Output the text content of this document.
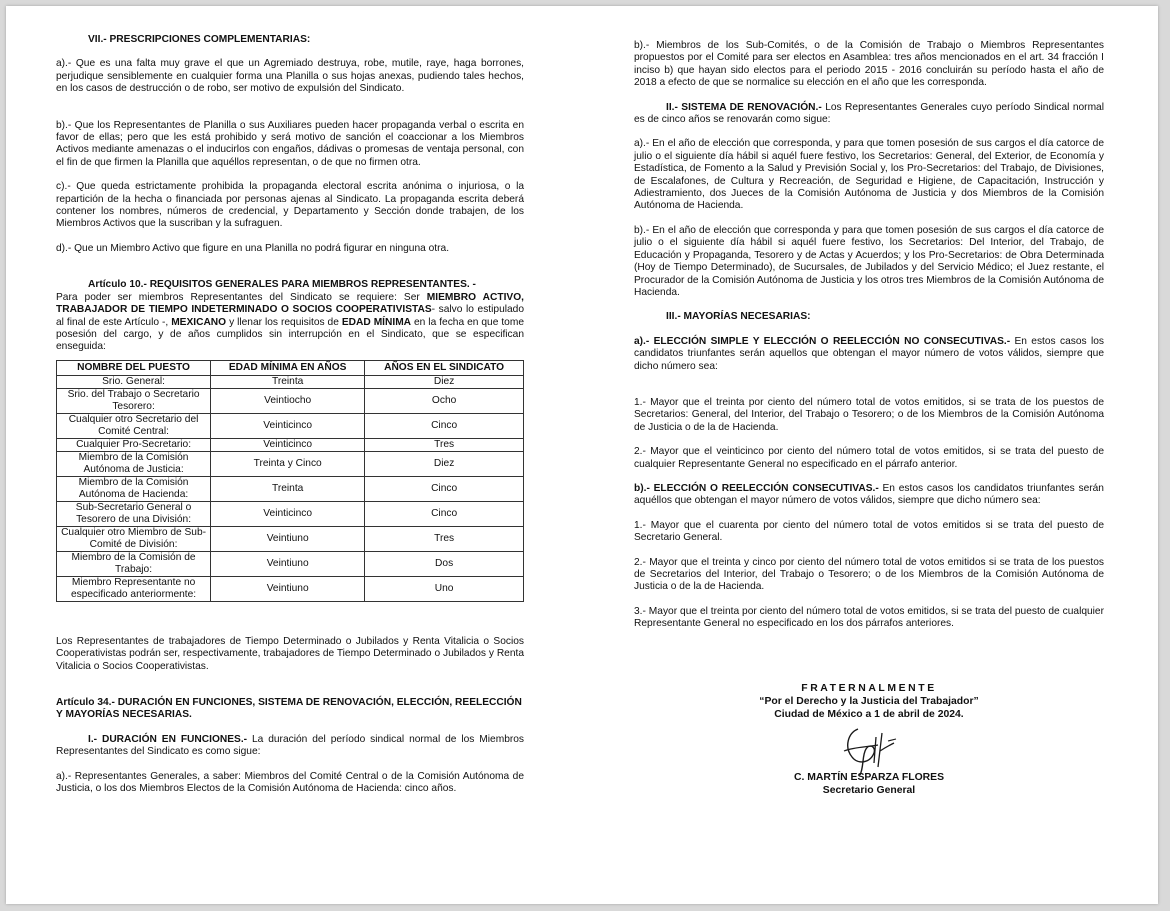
VII.- PRESCRIPCIONES COMPLEMENTARIAS:

a).- Que es una falta muy grave el que un Agremiado destruya, robe, mutile, raye, haga borrones, perjudique sensiblemente en cualquier forma una Planilla o sus hojas anexas, pudiendo tales hechos, en los casos de destrucción o de robo, ser motivo de expulsión del Sindicato.

b).- Que los Representantes de Planilla o sus Auxiliares pueden hacer propaganda verbal o escrita en favor de ellas; pero que les está prohibido y será motivo de sanción el coaccionar a los Miembros Activos mediante amenazas o el inducirlos con engaños, dádivas o promesas de ventaja personal, con el fin de que firmen la Planilla que aquéllos representan, o de que no firmen otra.

c).- Que queda estrictamente prohibida la propaganda electoral escrita anónima o injuriosa, o la repartición de la hecha o financiada por personas ajenas al Sindicato. La propaganda escrita deberá contener los nombres, números de credencial, y Departamento y Sección donde trabajen, de los Miembros Activos que la suscriban y la sufraguen.

d).- Que un Miembro Activo que figure en una Planilla no podrá figurar en ninguna otra.

Artículo 10.- REQUISITOS GENERALES PARA MIEMBROS REPRESENTANTES. -

Para poder ser miembros Representantes del Sindicato se requiere: Ser MIEMBRO ACTIVO, TRABAJADOR DE TIEMPO INDETERMINADO O SOCIOS COOPERATIVISTAS- salvo lo estipulado al final de este Artículo -, MEXICANO y llenar los requisitos de EDAD MÍNIMA en la fecha en que tome posesión del cargo, y de años cumplidos sin interrupción en el Sindicato, que se especifican enseguida:

NOMBRE DEL PUESTO	EDAD MÍNIMA EN AÑOS	AÑOS EN EL SINDICATO
Srio. General:	Treinta	Diez
Srio. del Trabajo o Secretario Tesorero:	Veintiocho	Ocho
Cualquier otro Secretario del Comité Central:	Veinticinco	Cinco
Cualquier Pro-Secretario:	Veinticinco	Tres
Miembro de la Comisión Autónoma de Justicia:	Treinta y Cinco	Diez
Miembro de la Comisión Autónoma de Hacienda:	Treinta	Cinco
Sub-Secretario General o Tesorero de una División:	Veinticinco	Cinco
Cualquier otro Miembro de Sub-Comité de División:	Veintiuno	Tres
Miembro de la Comisión de Trabajo:	Veintiuno	Dos
Miembro Representante no especificado anteriormente:	Veintiuno	Uno

Los Representantes de trabajadores de Tiempo Determinado o Jubilados y Renta Vitalicia o Socios Cooperativistas podrán ser, respectivamente, trabajadores de Tiempo Determinado o Jubilados y Renta Vitalicia o Socios Cooperativistas.

Artículo 34.- DURACIÓN EN FUNCIONES, SISTEMA DE RENOVACIÓN, ELECCIÓN, REELECCIÓN Y MAYORÍAS NECESARIAS.

I.- DURACIÓN EN FUNCIONES.- La duración del período sindical normal de los Miembros Representantes del Sindicato es como sigue:

a).- Representantes Generales, a saber: Miembros del Comité Central o de la Comisión Autónoma de Justicia, o los dos Miembros Electos de la Comisión Autónoma de Hacienda: cinco años.

b).- Miembros de los Sub-Comités, o de la Comisión de Trabajo o Miembros Representantes propuestos por el Comité para ser electos en Asamblea: tres años mencionados en el art. 34 fracción I inciso b) que hayan sido electos para el periodo 2015 - 2016 concluirán su período hasta el año de 2018 a efecto de que se normalice su elección en el año que les corresponda.

II.- SISTEMA DE RENOVACIÓN.- Los Representantes Generales cuyo período Sindical normal es de cinco años se renovarán como sigue:

a).- En el año de elección que corresponda, y para que tomen posesión de sus cargos el día catorce de julio o el siguiente día hábil si aquél fuere festivo, los Secretarios: General, del Exterior, de Economía y Estadística, de Fomento a la Salud y Previsión Social y, los Pro-Secretarios: del Trabajo, de Divisiones, de Escalafones, de Cultura y Recreación, de Seguridad e Higiene, de Capacitación, Instrucción y Adiestramiento, dos Jueces de la Comisión Autónoma de Justicia y dos Miembros de la Comisión Autónoma de Hacienda.

b).- En el año de elección que corresponda y para que tomen posesión de sus cargos el día catorce de julio o el siguiente día hábil si aquél fuere festivo, los Secretarios: Del Interior, del Trabajo, de Educación y Propaganda, Tesorero y de Actas y Acuerdos; y los Pro-Secretarios: de Obra Determinada (Hoy de Tiempo Determinado), de Sucursales, de Jubilados y del Servicio Médico; el Juez restante, el Procurador de la Comisión Autónoma de Justicia y los otros tres Miembros de la Comisión Autónoma de Hacienda.

III.- MAYORÍAS NECESARIAS:

a).- ELECCIÓN SIMPLE Y ELECCIÓN O REELECCIÓN NO CONSECUTIVAS.- En estos casos los candidatos triunfantes serán aquellos que obtengan el mayor número de votos válidos, siempre que dicho número sea:

1.- Mayor que el treinta por ciento del número total de votos emitidos, si se trata de los puestos de Secretarios: General, del Interior, del Trabajo o Tesorero; o de los Miembros de la Comisión Autónoma de Justicia o de la de Hacienda.

2.- Mayor que el veinticinco por ciento del número total de votos emitidos, si se trata del puesto de cualquier Representante General no especificado en el párrafo anterior.

b).- ELECCIÓN O REELECCIÓN CONSECUTIVAS.- En estos casos los candidatos triunfantes serán aquéllos que obtengan el mayor número de votos válidos, siempre que dicho número sea:

1.- Mayor que el cuarenta por ciento del número total de votos emitidos si se trata del puesto de Secretario General.

2.- Mayor que el treinta y cinco por ciento del número total de votos emitidos si se trata de los puestos de Secretarios del Interior, del Trabajo o Tesorero; o de los Miembros de la Comisión Autónoma de Justicia o de la de Hacienda.

3.- Mayor que el treinta por ciento del número total de votos emitidos, si se trata del puesto de cualquier Representante General no especificado en los dos párrafos anteriores.

FRATERNALMENTE
“Por el Derecho y la Justicia del Trabajador”
Ciudad de México a 1 de abril de 2024.
C. MARTÍN ESPARZA FLORES
Secretario General
